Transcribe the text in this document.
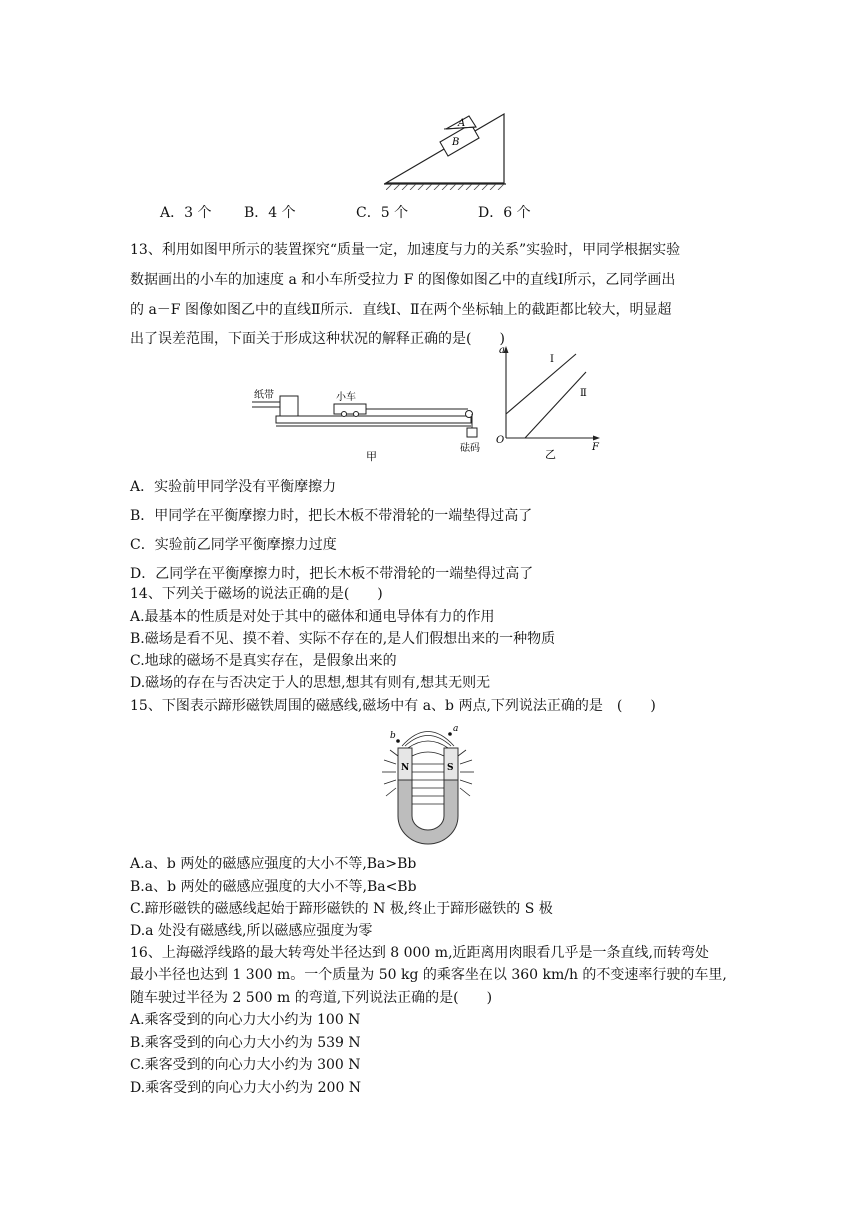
A
B
A．3 个 B．4 个	C．5 个	D．6 个
13、利用如图甲所示的装置探究“质量一定，加速度与力的关系”实验时，甲同学根据实验
数据画出的小车的加速度 a 和小车所受拉力 F 的图像如图乙中的直线Ⅰ所示，乙同学画出
的 a－F 图像如图乙中的直线Ⅱ所示．直线Ⅰ、Ⅱ在两个坐标轴上的截距都比较大，明显超
出了误差范围，下面关于形成这种状况的解释正确的是(　　)
纸带	小车
砝码
甲
a
F
O
Ⅰ
Ⅱ
乙
A．实验前甲同学没有平衡摩擦力
B．甲同学在平衡摩擦力时，把长木板不带滑轮的一端垫得过高了
C．实验前乙同学平衡摩擦力过度
D．乙同学在平衡摩擦力时，把长木板不带滑轮的一端垫得过高了
14、下列关于磁场的说法正确的是(　　)
A.最基本的性质是对处于其中的磁体和通电导体有力的作用
B.磁场是看不见、摸不着、实际不存在的,是人们假想出来的一种物质
C.地球的磁场不是真实存在，是假象出来的
D.磁场的存在与否决定于人的思想,想其有则有,想其无则无
15、下图表示蹄形磁铁周围的磁感线,磁场中有 a、b 两点,下列说法正确的是　(　　)
N	S
a
b
A.a、b 两处的磁感应强度的大小不等,Ba>Bb
B.a、b 两处的磁感应强度的大小不等,Ba<Bb
C.蹄形磁铁的磁感线起始于蹄形磁铁的 N 极,终止于蹄形磁铁的 S 极
D.a 处没有磁感线,所以磁感应强度为零
16、上海磁浮线路的最大转弯处半径达到 8 000 m,近距离用肉眼看几乎是一条直线,而转弯处
最小半径也达到 1 300 m。一个质量为 50 kg 的乘客坐在以 360 km/h 的不变速率行驶的车里,
随车驶过半径为 2 500 m 的弯道,下列说法正确的是(　　)
A.乘客受到的向心力大小约为 100 N
B.乘客受到的向心力大小约为 539 N
C.乘客受到的向心力大小约为 300 N
D.乘客受到的向心力大小约为 200 N
